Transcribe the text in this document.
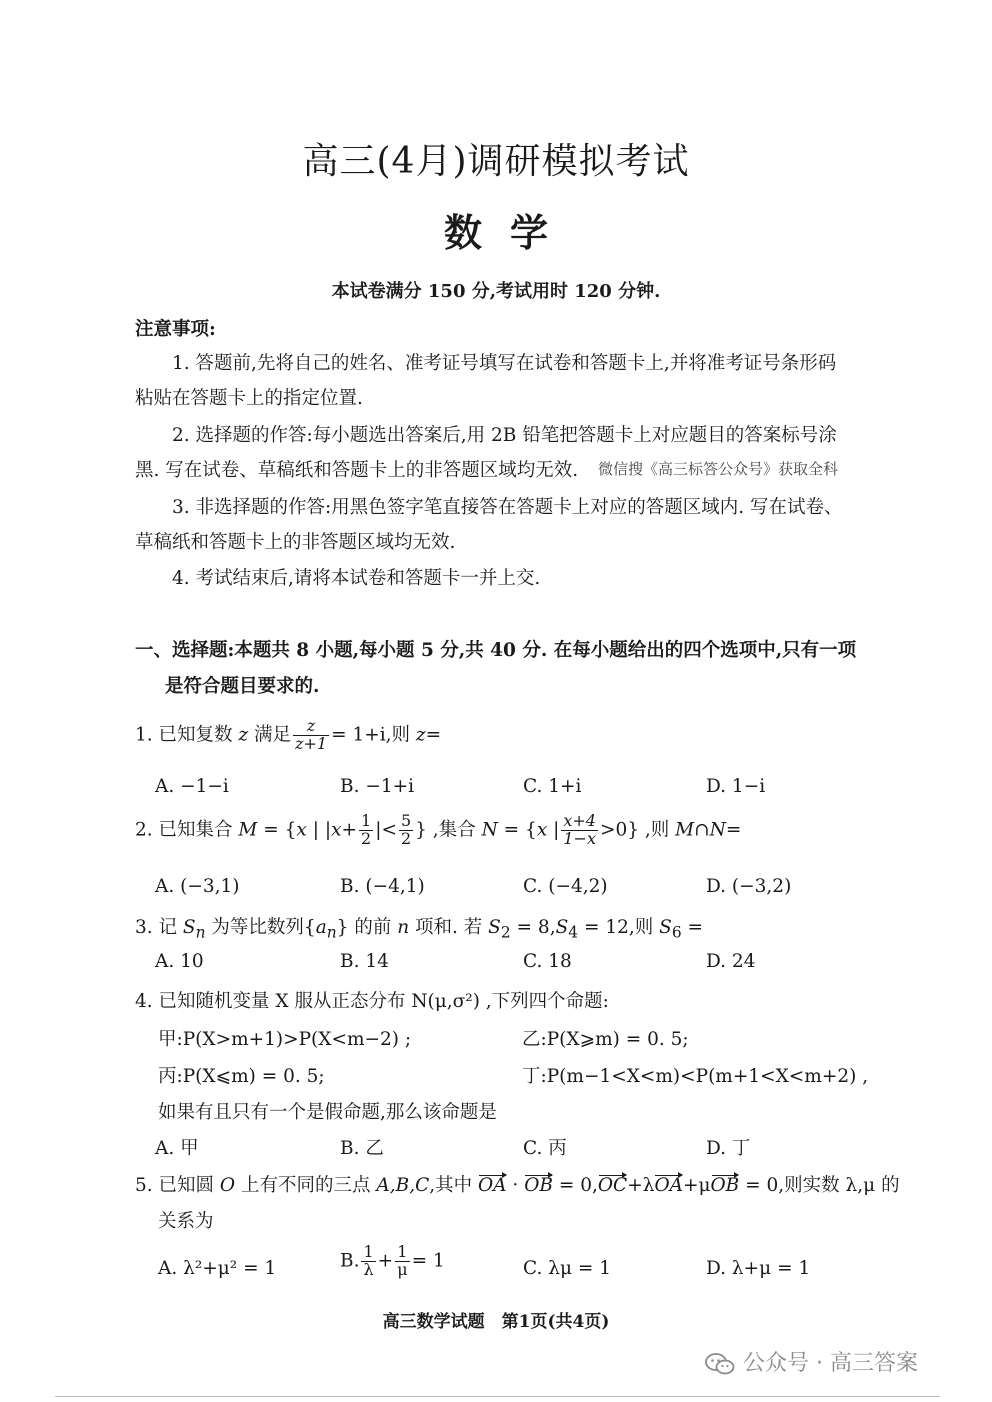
高三(4月)调研模拟考试
数学
本试卷满分 150 分,考试用时 120 分钟.
注意事项:
1. 答题前,先将自己的姓名、准考证号填写在试卷和答题卡上,并将准考证号条形码
粘贴在答题卡上的指定位置.
2. 选择题的作答:每小题选出答案后,用 2B 铅笔把答题卡上对应题目的答案标号涂
黑. 写在试卷、草稿纸和答题卡上的非答题区域均无效. 微信搜《高三标答公众号》获取全科
3. 非选择题的作答:用黑色签字笔直接答在答题卡上对应的答题区域内. 写在试卷、
草稿纸和答题卡上的非答题区域均无效.
4. 考试结束后,请将本试卷和答题卡一并上交.
一、选择题:本题共 8 小题,每小题 5 分,共 40 分. 在每小题给出的四个选项中,只有一项
是符合题目要求的.
1. 已知复数 z 满足 $\frac{z}{z+1} = 1+i$,则 z=
A. −1−i	B. −1+i	C. 1+i	D. 1−i
2. 已知集合 M = {x | $|x+ \frac{1}{2}$ |< $\frac{5}{2}$ } ,集合 N = {x | $\frac{x+4}{1-x} >0$} ,则 M∩N=
A. (−3,1)	B. (−4,1)	C. (−4,2)	D. (−3,2)
3. 记 $S_n$ 为等比数列$\{a_n\}$ 的前 n 项和. 若 $S_2 = 8,S_4 = 12$,则 $S_6$ =
A. 10	B. 14	C. 18	D. 24
4. 已知随机变量 X 服从正态分布 N(μ,σ²) ,下列四个命题:
甲:P(X>m+1)>P(X<m−2) ;	乙:P(X⩾m) = 0. 5;
丙:P(X⩽m) = 0. 5;	丁:P(m−1<X<m)<P(m+1<X<m+2) ,
如果有且只有一个是假命题,那么该命题是
A. 甲	B. 乙	C. 丙	D. 丁
5. 已知圆 O 上有不同的三点 A,B,C,其中 OA · OB = 0,OC+λOA+μOB = 0,则实数 λ,μ 的
关系为
A. λ²+μ² = 1	B. $\frac{1}{\lambda} + \frac{1}{\mu} = 1$	C. λμ = 1	D. λ+μ = 1
高三数学试题　第1页(共4页)
公众号 · 高三答案
